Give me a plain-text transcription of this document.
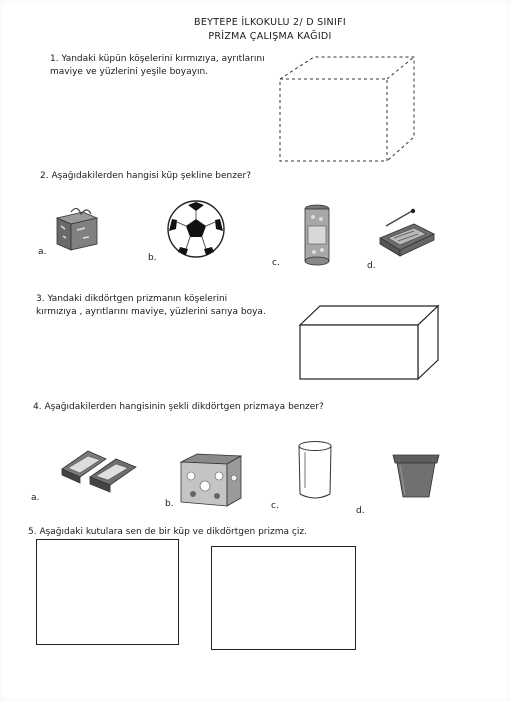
BEYTEPE İLKOKULU 2/ D SINIFI
PRİZMA ÇALIŞMA KAĞIDI
1. Yandaki küpün köşelerini kırmızıya, ayrıtlarını
maviye ve yüzlerini yeşile boyayın.
2. Aşağıdakilerden hangisi küp şekline benzer?
a.
b.	c.	d.
3. Yandaki dikdörtgen prizmanın köşelerini
kırmızıya , ayrıtlarını maviye, yüzlerini sarıya boya.
4. Aşağıdakilerden hangisinin şekli dikdörtgen prizmaya benzer?
a.
b.	c.	d.
5. Aşağıdaki kutulara sen de bir küp ve dikdörtgen prizma çiz.
